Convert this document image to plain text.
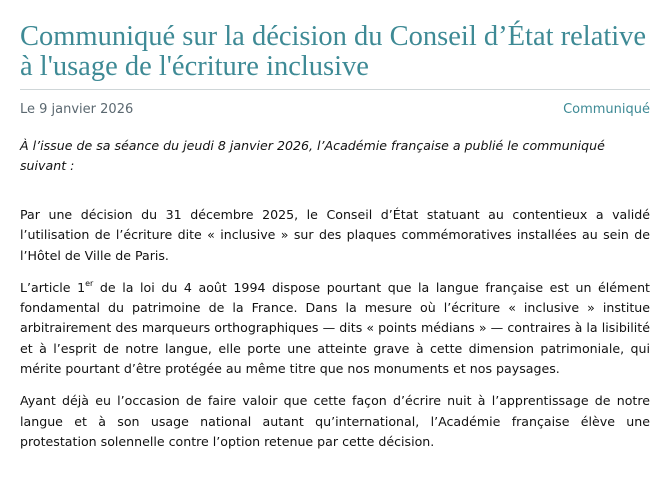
Communiqué sur la décision du Conseil d’État relative à l'usage de l'écriture inclusive
Le 9 janvier 2026	Communiqué
À l’issue de sa séance du jeudi 8 janvier 2026, l’Académie française a publié le communiqué suivant :

Par une décision du 31 décembre 2025, le Conseil d’État statuant au contentieux a validé l’utilisation de l’écriture dite « inclusive » sur des plaques commémoratives installées au sein de l’Hôtel de Ville de Paris.

L’article 1er de la loi du 4 août 1994 dispose pourtant que la langue française est un élément fondamental du patrimoine de la France. Dans la mesure où l’écriture « inclusive » institue arbitrairement des marqueurs orthographiques — dits « points médians » — contraires à la lisibilité et à l’esprit de notre langue, elle porte une atteinte grave à cette dimension patrimoniale, qui mérite pourtant d’être protégée au même titre que nos monuments et nos paysages.

Ayant déjà eu l’occasion de faire valoir que cette façon d’écrire nuit à l’apprentissage de notre langue et à son usage national autant qu’international, l’Académie française élève une protestation solennelle contre l’option retenue par cette décision.
